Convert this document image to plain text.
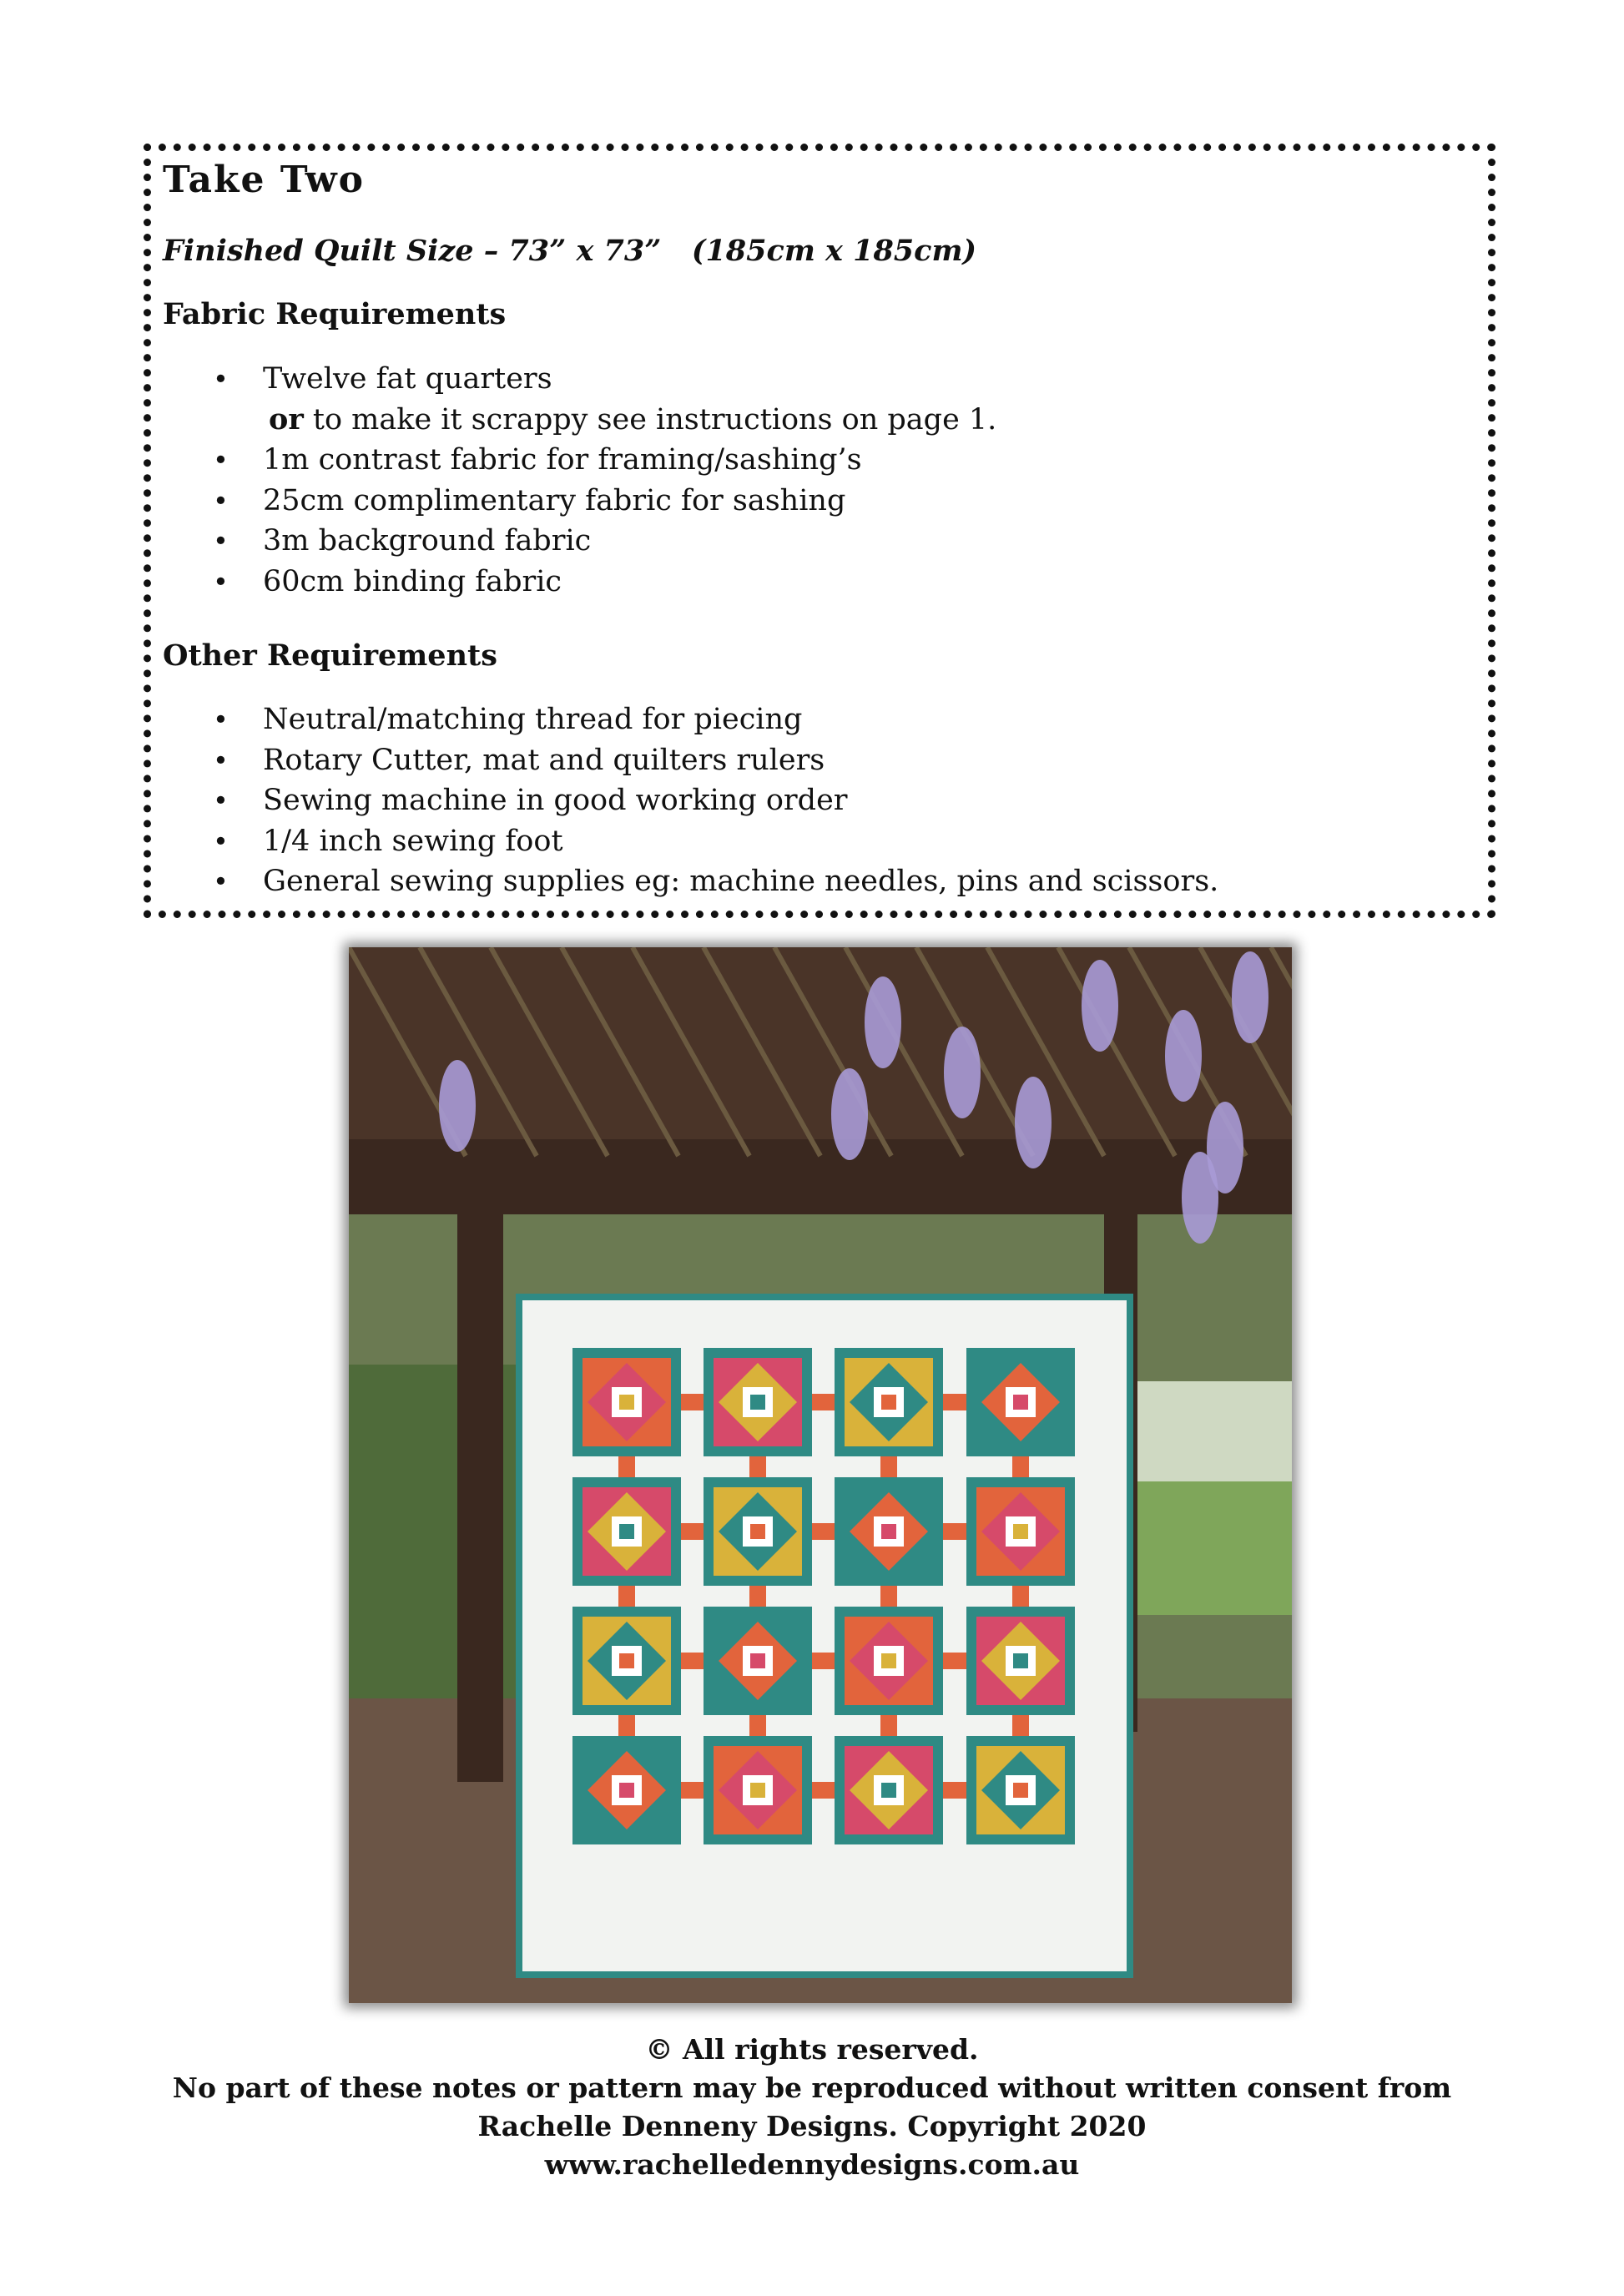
Take Two
Finished Quilt Size – 73” x 73”   (185cm x 185cm)
Fabric Requirements
• Twelve fat quarters
or to make it scrappy see instructions on page 1.
• 1m contrast fabric for framing/sashing’s
• 25cm complimentary fabric for sashing
• 3m background fabric
• 60cm binding fabric
Other Requirements
• Neutral/matching thread for piecing
• Rotary Cutter, mat and quilters rulers
• Sewing machine in good working order
• 1/4 inch sewing foot
• General sewing supplies eg: machine needles, pins and scissors.
© All rights reserved.
No part of these notes or pattern may be reproduced without written consent from
Rachelle Denneny Designs. Copyright 2020
www.rachelledennydesigns.com.au
